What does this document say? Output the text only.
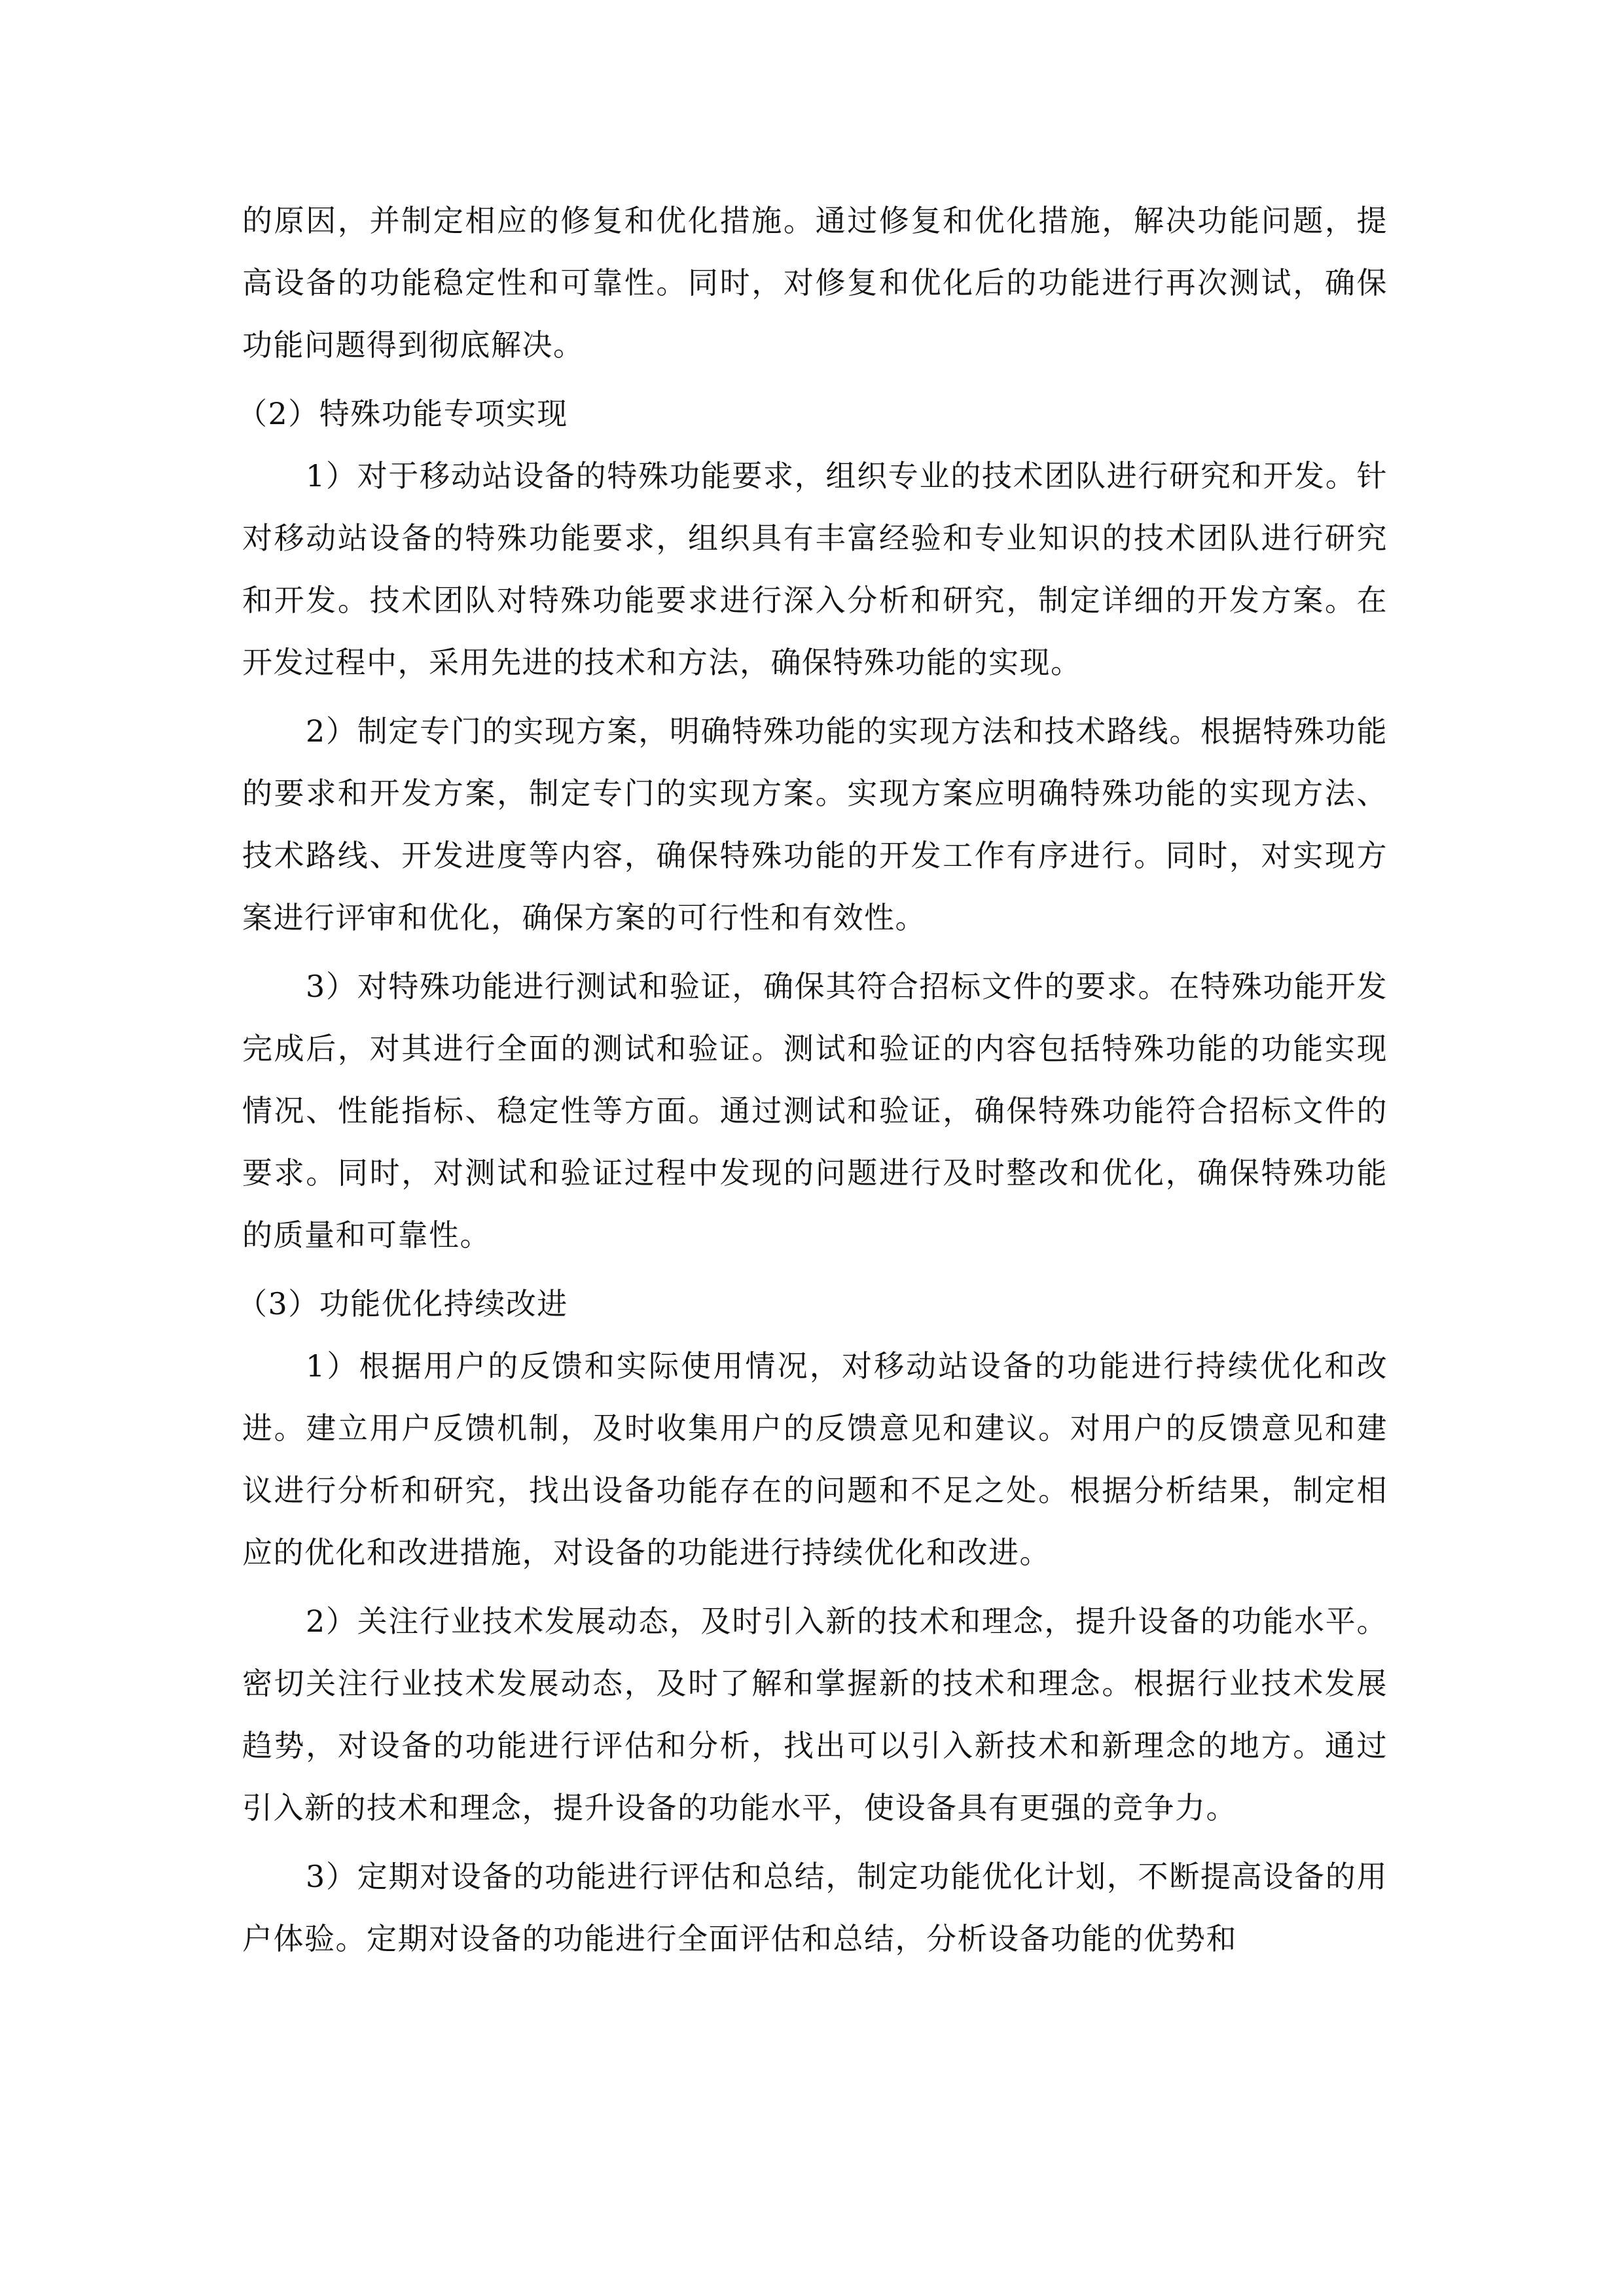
的原因，并制定相应的修复和优化措施。通过修复和优化措施，解决功能问题，提高设备的功能稳定性和可靠性。同时，对修复和优化后的功能进行再次测试，确保功能问题得到彻底解决。

（2）特殊功能专项实现

1）对于移动站设备的特殊功能要求，组织专业的技术团队进行研究和开发。针对移动站设备的特殊功能要求，组织具有丰富经验和专业知识的技术团队进行研究和开发。技术团队对特殊功能要求进行深入分析和研究，制定详细的开发方案。在开发过程中，采用先进的技术和方法，确保特殊功能的实现。

2）制定专门的实现方案，明确特殊功能的实现方法和技术路线。根据特殊功能的要求和开发方案，制定专门的实现方案。实现方案应明确特殊功能的实现方法、技术路线、开发进度等内容，确保特殊功能的开发工作有序进行。同时，对实现方案进行评审和优化，确保方案的可行性和有效性。

3）对特殊功能进行测试和验证，确保其符合招标文件的要求。在特殊功能开发完成后，对其进行全面的测试和验证。测试和验证的内容包括特殊功能的功能实现情况、性能指标、稳定性等方面。通过测试和验证，确保特殊功能符合招标文件的要求。同时，对测试和验证过程中发现的问题进行及时整改和优化，确保特殊功能的质量和可靠性。

（3）功能优化持续改进

1）根据用户的反馈和实际使用情况，对移动站设备的功能进行持续优化和改进。建立用户反馈机制，及时收集用户的反馈意见和建议。对用户的反馈意见和建议进行分析和研究，找出设备功能存在的问题和不足之处。根据分析结果，制定相应的优化和改进措施，对设备的功能进行持续优化和改进。

2）关注行业技术发展动态，及时引入新的技术和理念，提升设备的功能水平。密切关注行业技术发展动态，及时了解和掌握新的技术和理念。根据行业技术发展趋势，对设备的功能进行评估和分析，找出可以引入新技术和新理念的地方。通过引入新的技术和理念，提升设备的功能水平，使设备具有更强的竞争力。

3）定期对设备的功能进行评估和总结，制定功能优化计划，不断提高设备的用户体验。定期对设备的功能进行全面评估和总结，分析设备功能的优势和
